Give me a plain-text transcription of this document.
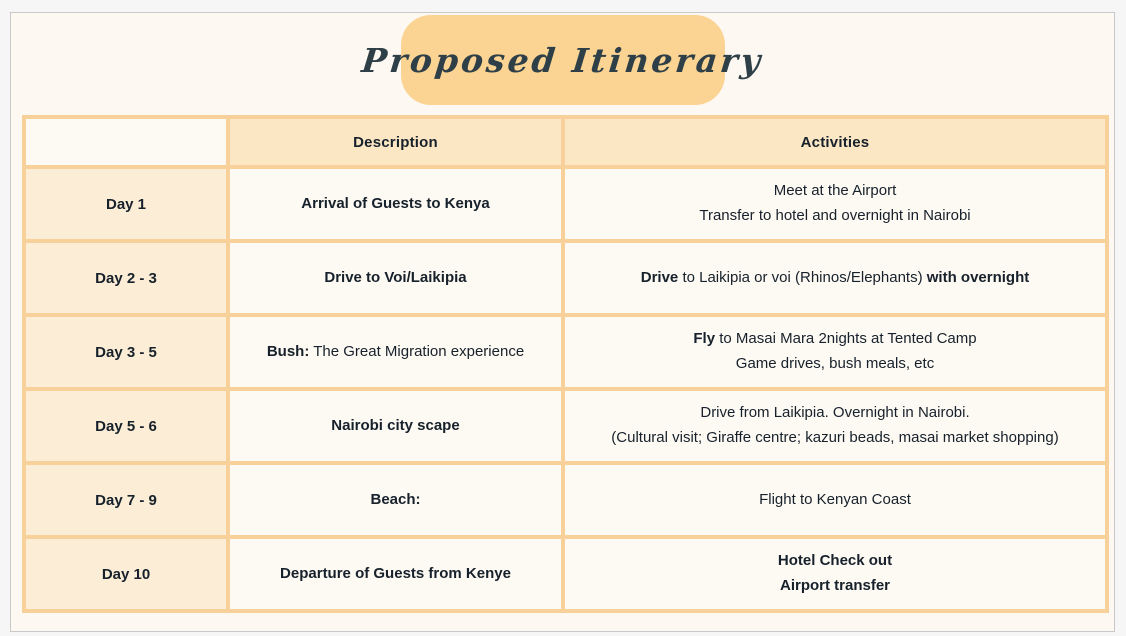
Proposed Itinerary
	Description	Activities
Day 1	Arrival of Guests to Kenya	Meet at the Airport
Transfer to hotel and overnight in Nairobi

Day 2 - 3	Drive to Voi/Laikipia	Drive to Laikipia or voi (Rhinos/Elephants) with overnight

Day 3 - 5	Bush: The Great Migration experience	Fly to Masai Mara 2nights at Tented Camp
Game drives, bush meals, etc

Day 5 - 6	Nairobi city scape	Drive from Laikipia. Overnight in Nairobi.
(Cultural visit; Giraffe centre; kazuri beads, masai market shopping)

Day 7 - 9	Beach:	Flight to Kenyan Coast

Day 10	Departure of Guests from Kenye	Hotel Check out
Airport transfer
